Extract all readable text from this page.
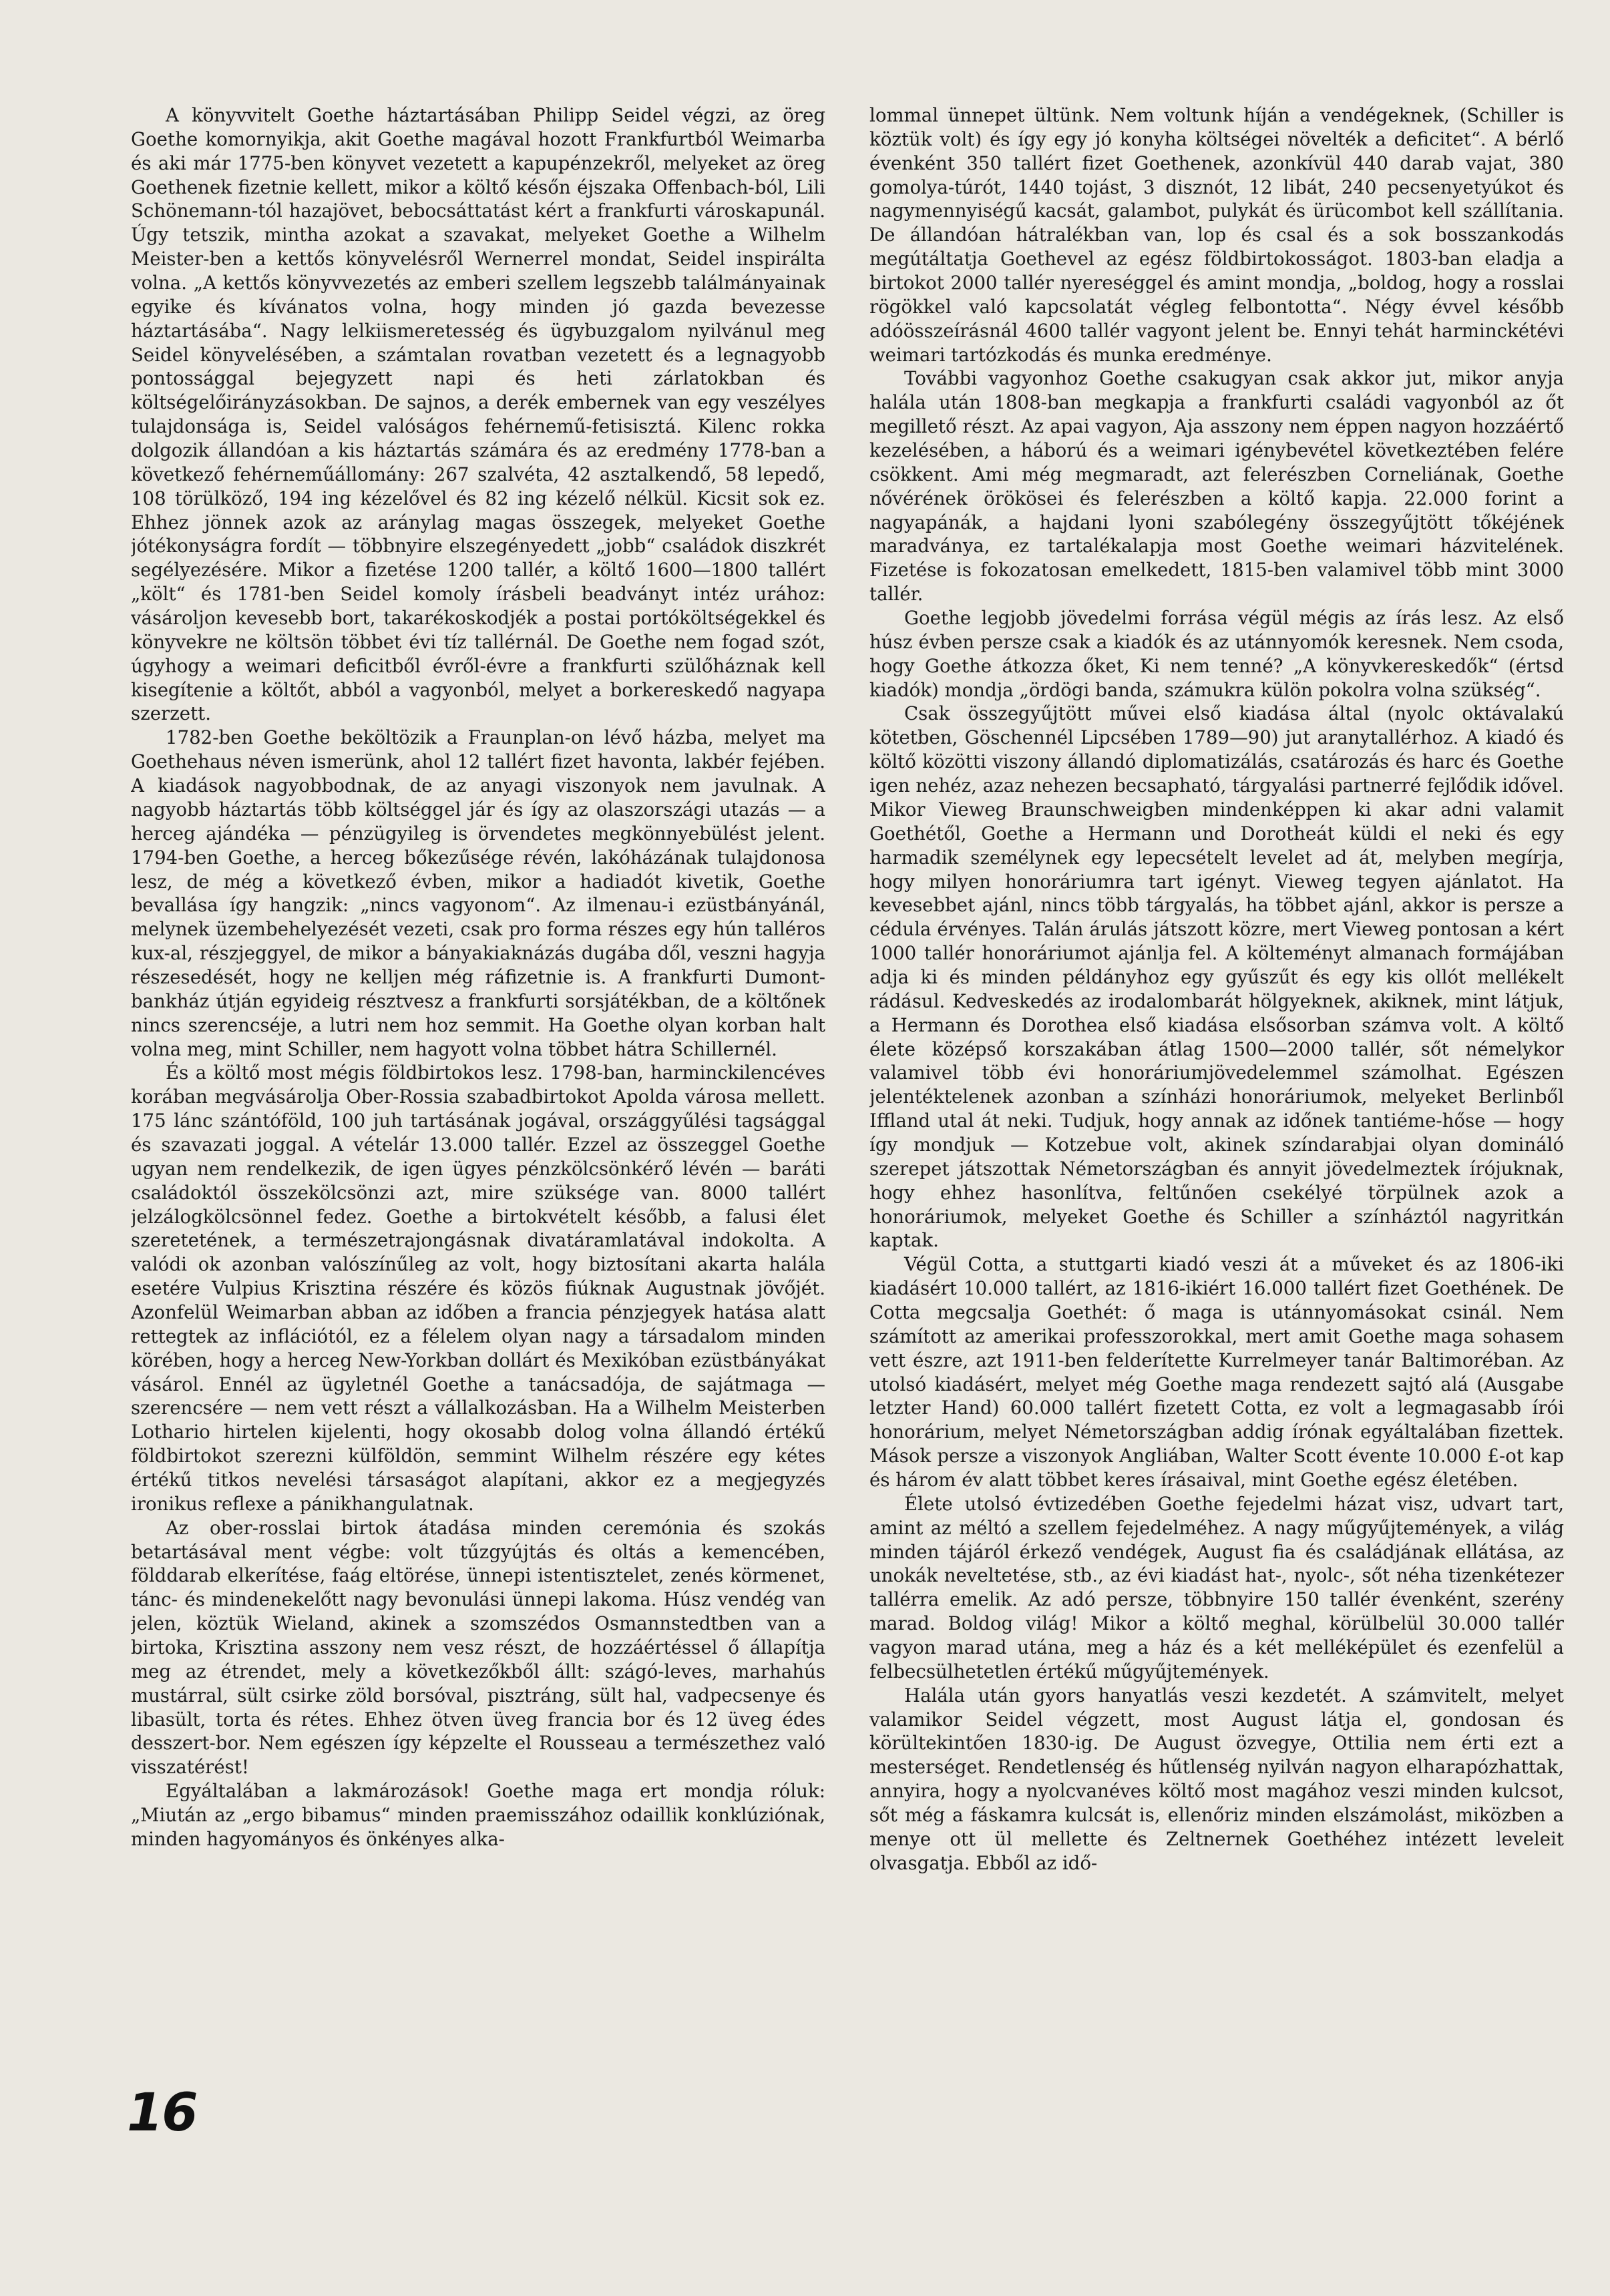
A könyvvitelt Goethe háztartásában Philipp Seidel végzi, az öreg Goethe komornyikja, akit Goethe magával hozott Frankfurtból Weimarba és aki már 1775-ben könyvet vezetett a kapupénzekről, melyeket az öreg Goethenek fizetnie kellett, mikor a költő későn éjszaka Offenbach-ból, Lili Schönemann-tól hazajövet, bebocsáttatást kért a frankfurti városkapunál. Úgy tetszik, mintha azokat a szavakat, melyeket Goethe a Wilhelm Meister-ben a kettős könyvelésről Wernerrel mondat, Seidel inspirálta volna. „A kettős könyvvezetés az emberi szellem legszebb találmányainak egyike és kívánatos volna, hogy minden jó gazda bevezesse háztartásába“. Nagy lelkiismeretesség és ügybuzgalom nyilvánul meg Seidel könyvelésében, a számtalan rovatban vezetett és a legnagyobb pontossággal bejegyzett napi és heti zárlatokban és költségelőirányzásokban. De sajnos, a derék embernek van egy veszélyes tulajdonsága is, Seidel valóságos fehérnemű-fetisisztá. Kilenc rokka dolgozik állandóan a kis háztartás számára és az eredmény 1778-ban a következő fehérneműállomány: 267 szalvéta, 42 asztalkendő, 58 lepedő, 108 törülköző, 194 ing kézelővel és 82 ing kézelő nélkül. Kicsit sok ez. Ehhez jönnek azok az aránylag magas összegek, melyeket Goethe jótékonyságra fordít — többnyire elszegényedett „jobb“ családok diszkrét segélyezésére. Mikor a fizetése 1200 tallér, a költő 1600—1800 tallért „költ“ és 1781-ben Seidel komoly írásbeli beadványt intéz urához: vásároljon kevesebb bort, takarékoskodjék a postai portóköltségekkel és könyvekre ne költsön többet évi tíz tallérnál. De Goethe nem fogad szót, úgyhogy a weimari deficitből évről-évre a frankfurti szülőháznak kell kisegítenie a költőt, abból a vagyonból, melyet a borkereskedő nagyapa szerzett.

1782-ben Goethe beköltözik a Fraunplan-on lévő házba, melyet ma Goethehaus néven ismerünk, ahol 12 tallért fizet havonta, lakbér fejében. A kiadások nagyobbodnak, de az anyagi viszonyok nem javulnak. A nagyobb háztartás több költséggel jár és így az olaszországi utazás — a herceg ajándéka — pénzügyileg is örvendetes megkönnyebülést jelent. 1794-ben Goethe, a herceg bőkezűsége révén, lakóházának tulajdonosa lesz, de még a következő évben, mikor a hadiadót kivetik, Goethe bevallása így hangzik: „nincs vagyonom“. Az ilmenau-i ezüstbányánál, melynek üzembehelyezését vezeti, csak pro forma részes egy hún talléros kux-al, részjeggyel, de mikor a bányakiaknázás dugába dől, veszni hagyja részesedését, hogy ne kelljen még ráfizetnie is. A frankfurti Dumont-bankház útján egyideig résztvesz a frankfurti sorsjátékban, de a költőnek nincs szerencséje, a lutri nem hoz semmit. Ha Goethe olyan korban halt volna meg, mint Schiller, nem hagyott volna többet hátra Schillernél.

És a költő most mégis földbirtokos lesz. 1798-ban, harminckilencéves korában megvásárolja Ober-Rossia szabadbirtokot Apolda városa mellett. 175 lánc szántóföld, 100 juh tartásának jogával, országgyűlési tagsággal és szavazati joggal. A vételár 13.000 tallér. Ezzel az összeggel Goethe ugyan nem rendelkezik, de igen ügyes pénzkölcsönkérő lévén — baráti családoktól összekölcsönzi azt, mire szüksége van. 8000 tallért jelzálogkölcsönnel fedez. Goethe a birtokvételt később, a falusi élet szeretetének, a természetrajongásnak divatáramlatával indokolta. A valódi ok azonban valószínűleg az volt, hogy biztosítani akarta halála esetére Vulpius Krisztina részére és közös fiúknak Augustnak jövőjét. Azonfelül Weimarban abban az időben a francia pénzjegyek hatása alatt rettegtek az inflációtól, ez a félelem olyan nagy a társadalom minden körében, hogy a herceg New-Yorkban dollárt és Mexikóban ezüstbányákat vásárol. Ennél az ügyletnél Goethe a tanácsadója, de sajátmaga — szerencsére — nem vett részt a vállalkozásban. Ha a Wilhelm Meisterben Lothario hirtelen kijelenti, hogy okosabb dolog volna állandó értékű földbirtokot szerezni külföldön, semmint Wilhelm részére egy kétes értékű titkos nevelési társaságot alapítani, akkor ez a megjegyzés ironikus reflexe a pánikhangulatnak.

Az ober-rosslai birtok átadása minden ceremónia és szokás betartásával ment végbe: volt tűzgyújtás és oltás a kemencében, földdarab elkerítése, faág eltörése, ünnepi istentisztelet, zenés körmenet, tánc- és mindenekelőtt nagy bevonulási ünnepi lakoma. Húsz vendég van jelen, köztük Wieland, akinek a szomszédos Osmannstedtben van a birtoka, Krisztina asszony nem vesz részt, de hozzáértéssel ő állapítja meg az étrendet, mely a következőkből állt: szágó-leves, marhahús mustárral, sült csirke zöld borsóval, pisztráng, sült hal, vadpecsenye és libasült, torta és rétes. Ehhez ötven üveg francia bor és 12 üveg édes desszert-bor. Nem egészen így képzelte el Rousseau a természethez való visszatérést!

Egyáltalában a lakmározások! Goethe maga ert mondja róluk: „Miután az „ergo bibamus“ minden praemisszához odaillik konklúziónak, minden hagyományos és önkényes alka-

lommal ünnepet ültünk. Nem voltunk híján a vendégeknek, (Schiller is köztük volt) és így egy jó konyha költségei növelték a deficitet“. A bérlő évenként 350 tallért fizet Goethenek, azonkívül 440 darab vajat, 380 gomolya-túrót, 1440 tojást, 3 disznót, 12 libát, 240 pecsenyetyúkot és nagymennyiségű kacsát, galambot, pulykát és ürücombot kell szállítania. De állandóan hátralékban van, lop és csal és a sok bosszankodás megútáltatja Goethevel az egész földbirtokosságot. 1803-ban eladja a birtokot 2000 tallér nyereséggel és amint mondja, „boldog, hogy a rosslai rögökkel való kapcsolatát végleg felbontotta“. Négy évvel később adóösszeírásnál 4600 tallér vagyont jelent be. Ennyi tehát harminckétévi weimari tartózkodás és munka eredménye.

További vagyonhoz Goethe csakugyan csak akkor jut, mikor anyja halála után 1808-ban megkapja a frankfurti családi vagyonból az őt megillető részt. Az apai vagyon, Aja asszony nem éppen nagyon hozzáértő kezelésében, a háború és a weimari igénybevétel következtében felére csökkent. Ami még megmaradt, azt felerészben Corneliának, Goethe nővérének örökösei és felerészben a költő kapja. 22.000 forint a nagyapánák, a hajdani lyoni szabólegény összegyűjtött tőkéjének maradványa, ez tartalékalapja most Goethe weimari házvitelének. Fizetése is fokozatosan emelkedett, 1815-ben valamivel több mint 3000 tallér.

Goethe legjobb jövedelmi forrása végül mégis az írás lesz. Az első húsz évben persze csak a kiadók és az utánnyomók keresnek. Nem csoda, hogy Goethe átkozza őket, Ki nem tenné? „A könyvkereskedők“ (értsd kiadók) mondja „ördögi banda, számukra külön pokolra volna szükség“.

Csak összegyűjtött művei első kiadása által (nyolc oktávalakú kötetben, Göschennél Lipcsében 1789—90) jut aranytallérhoz. A kiadó és költő közötti viszony állandó diplomatizálás, csatározás és harc és Goethe igen nehéz, azaz nehezen becsapható, tárgyalási partnerré fejlődik idővel. Mikor Vieweg Braunschweigben mindenképpen ki akar adni valamit Goethétől, Goethe a Hermann und Dorotheát küldi el neki és egy harmadik személynek egy lepecsételt levelet ad át, melyben megírja, hogy milyen honoráriumra tart igényt. Vieweg tegyen ajánlatot. Ha kevesebbet ajánl, nincs több tárgyalás, ha többet ajánl, akkor is persze a cédula érvényes. Talán árulás játszott közre, mert Vieweg pontosan a kért 1000 tallér honoráriumot ajánlja fel. A költeményt almanach formájában adja ki és minden példányhoz egy gyűszűt és egy kis ollót mellékelt rádásul. Kedveskedés az irodalombarát hölgyeknek, akiknek, mint látjuk, a Hermann és Dorothea első kiadása elsősorban számva volt. A költő élete középső korszakában átlag 1500—2000 tallér, sőt némelykor valamivel több évi honoráriumjövedelemmel számolhat. Egészen jelentéktelenek azonban a színházi honoráriumok, melyeket Berlinből Iffland utal át neki. Tudjuk, hogy annak az időnek tantiéme-hőse — hogy így mondjuk — Kotzebue volt, akinek színdarabjai olyan domináló szerepet játszottak Németországban és annyit jövedelmeztek írójuknak, hogy ehhez hasonlítva, feltűnően csekélyé törpülnek azok a honoráriumok, melyeket Goethe és Schiller a színháztól nagyritkán kaptak.

Végül Cotta, a stuttgarti kiadó veszi át a műveket és az 1806-iki kiadásért 10.000 tallért, az 1816-ikiért 16.000 tallért fizet Goethének. De Cotta megcsalja Goethét: ő maga is utánnyomásokat csinál. Nem számított az amerikai professzorokkal, mert amit Goethe maga sohasem vett észre, azt 1911-ben felderítette Kurrelmeyer tanár Baltimoréban. Az utolsó kiadásért, melyet még Goethe maga rendezett sajtó alá (Ausgabe letzter Hand) 60.000 tallért fizetett Cotta, ez volt a legmagasabb írói honorárium, melyet Németországban addig írónak egyáltalában fizettek. Mások persze a viszonyok Angliában, Walter Scott évente 10.000 £-ot kap és három év alatt többet keres írásaival, mint Goethe egész életében.

Élete utolsó évtizedében Goethe fejedelmi házat visz, udvart tart, amint az méltó a szellem fejedelméhez. A nagy műgyűjtemények, a világ minden tájáról érkező vendégek, August fia és családjának ellátása, az unokák neveltetése, stb., az évi kiadást hat-, nyolc-, sőt néha tizenkétezer tallérra emelik. Az adó persze, többnyire 150 tallér évenként, szerény marad. Boldog világ! Mikor a költő meghal, körülbelül 30.000 tallér vagyon marad utána, meg a ház és a két melléképület és ezenfelül a felbecsülhetetlen értékű műgyűjtemények.

Halála után gyors hanyatlás veszi kezdetét. A számvitelt, melyet valamikor Seidel végzett, most August látja el, gondosan és körültekintően 1830-ig. De August özvegye, Ottilia nem érti ezt a mesterséget. Rendetlenség és hűtlenség nyilván nagyon elharapózhattak, annyira, hogy a nyolcvanéves költő most magához veszi minden kulcsot, sőt még a fáskamra kulcsát is, ellenőriz minden elszámolást, miközben a menye ott ül mellette és Zeltnernek Goethéhez intézett leveleit olvasgatja. Ebből az idő-

16
